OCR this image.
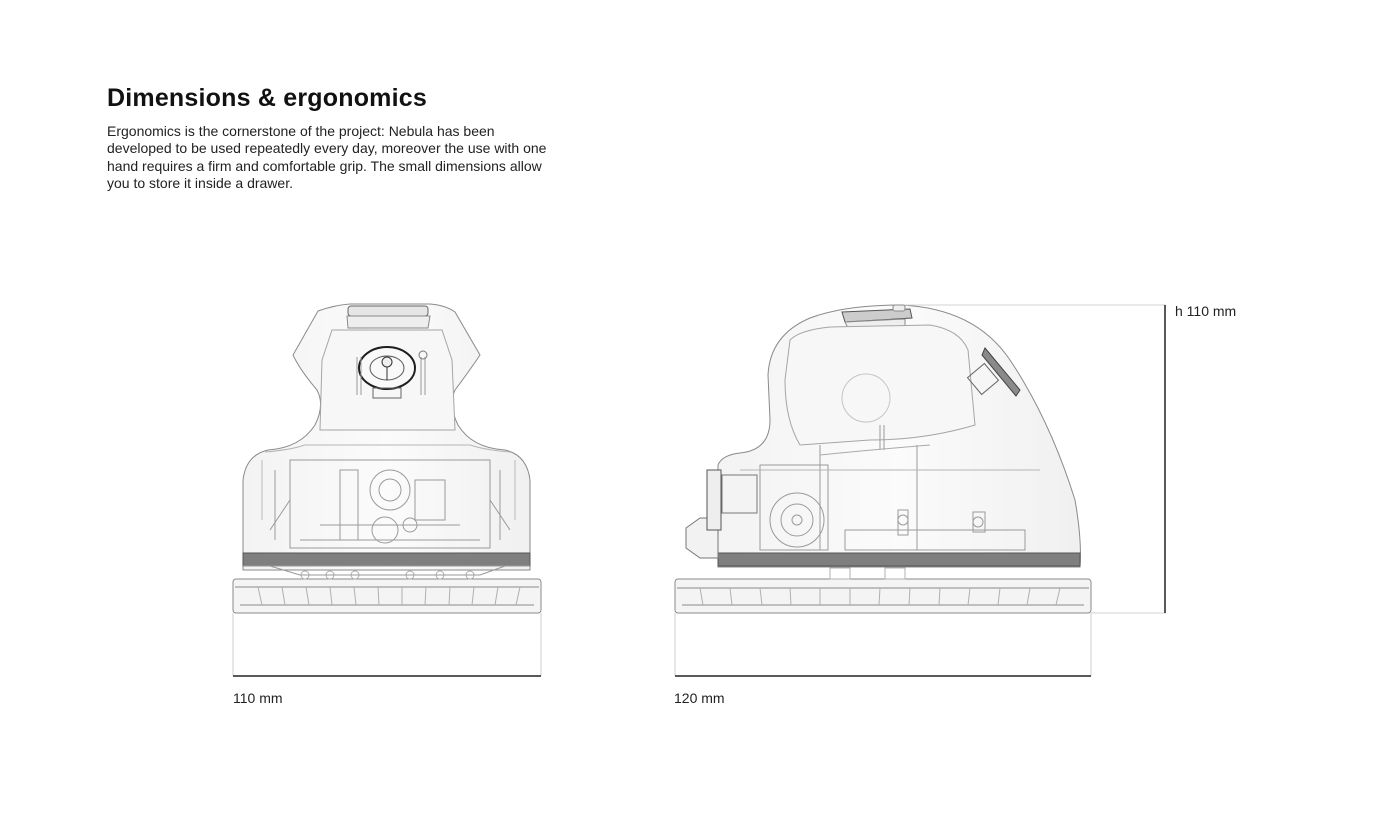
Dimensions & ergonomics

Ergonomics is the cornerstone of the project: Nebula has been developed to be used repeatedly every day, moreover the use with one hand requires a firm and comfortable grip. The small dimensions allow you to store it inside a drawer.

110 mm	120 mm
h 110 mm
